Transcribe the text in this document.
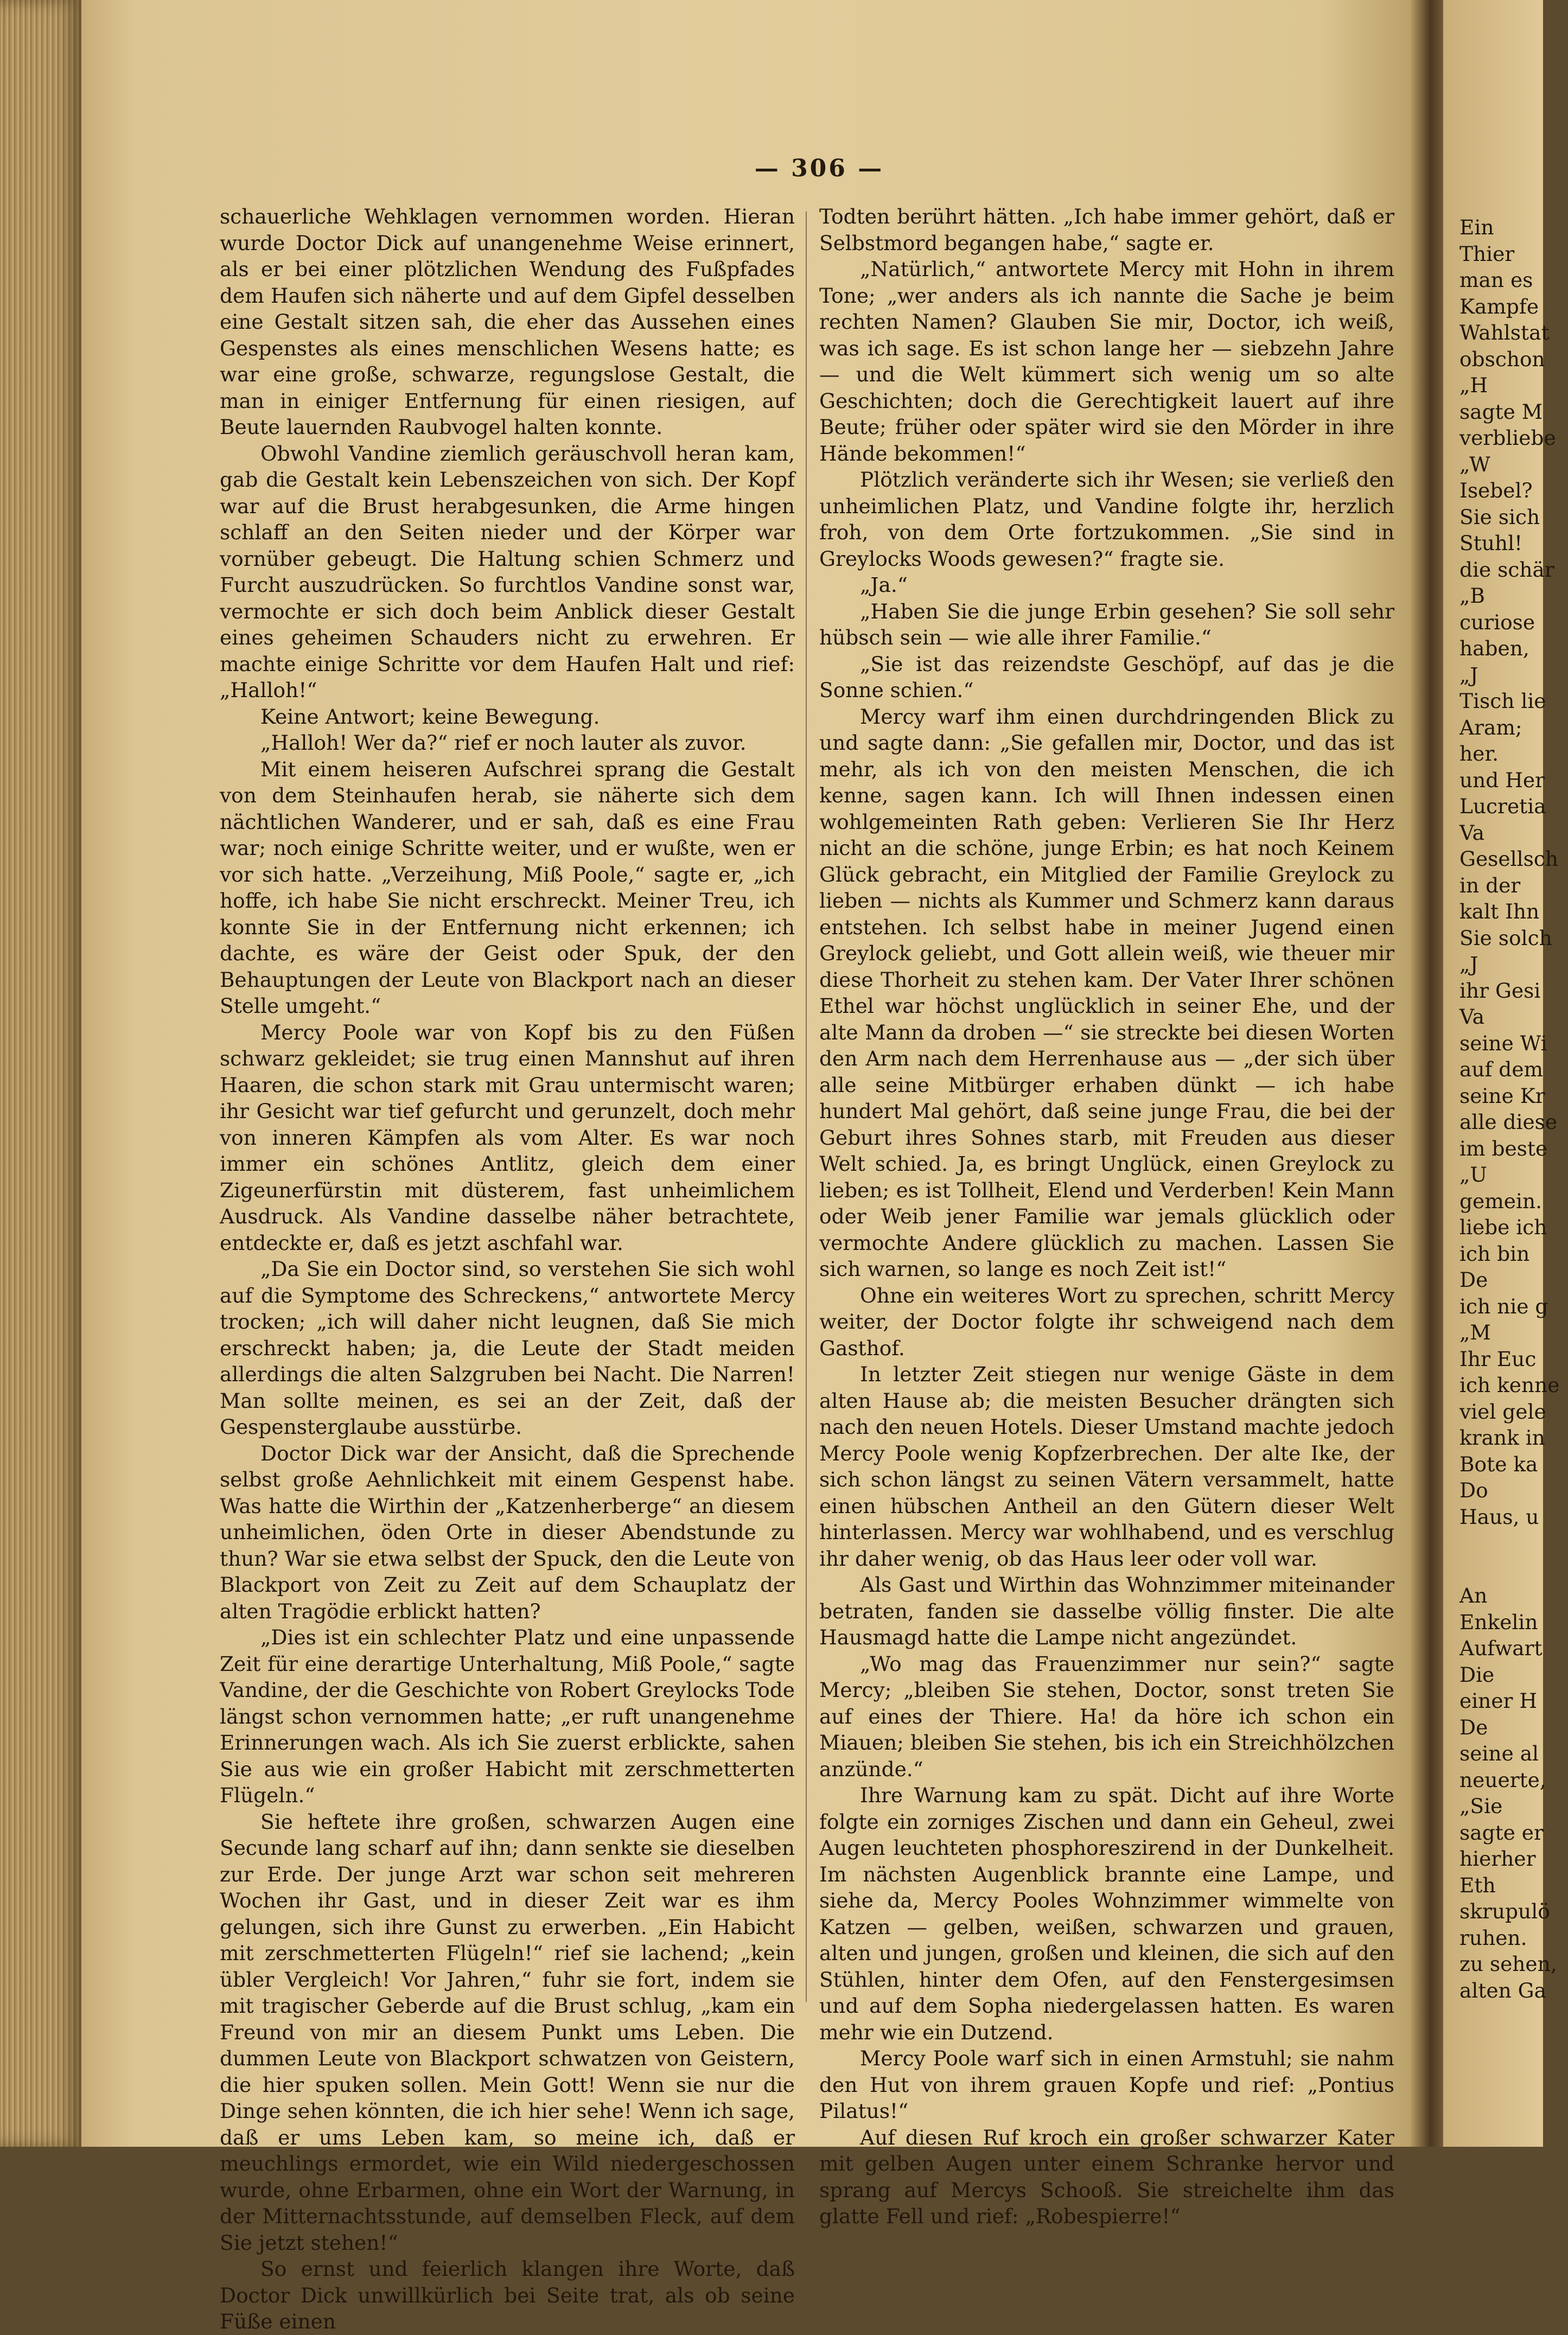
— 306 —

schauerliche Wehklagen vernommen worden. Hieran wurde Doctor Dick auf unangenehme Weise erinnert, als er bei einer plötzlichen Wendung des Fußpfades dem Haufen sich näherte und auf dem Gipfel desselben eine Gestalt sitzen sah, die eher das Aussehen eines Gespenstes als eines menschlichen Wesens hatte; es war eine große, schwarze, regungslose Gestalt, die man in einiger Entfernung für einen riesigen, auf Beute lauernden Raubvogel halten konnte.

Obwohl Vandine ziemlich geräuschvoll heran kam, gab die Gestalt kein Lebenszeichen von sich. Der Kopf war auf die Brust herabgesunken, die Arme hingen schlaff an den Seiten nieder und der Körper war vornüber gebeugt. Die Haltung schien Schmerz und Furcht auszudrücken. So furchtlos Vandine sonst war, vermochte er sich doch beim Anblick dieser Gestalt eines geheimen Schauders nicht zu erwehren. Er machte einige Schritte vor dem Haufen Halt und rief: „Halloh!“

Keine Antwort; keine Bewegung.

„Halloh! Wer da?“ rief er noch lauter als zuvor.

Mit einem heiseren Aufschrei sprang die Gestalt von dem Steinhaufen herab, sie näherte sich dem nächtlichen Wanderer, und er sah, daß es eine Frau war; noch einige Schritte weiter, und er wußte, wen er vor sich hatte. „Verzeihung, Miß Poole,“ sagte er, „ich hoffe, ich habe Sie nicht erschreckt. Meiner Treu, ich konnte Sie in der Entfernung nicht erkennen; ich dachte, es wäre der Geist oder Spuk, der den Behauptungen der Leute von Blackport nach an dieser Stelle umgeht.“

Mercy Poole war von Kopf bis zu den Füßen schwarz gekleidet; sie trug einen Mannshut auf ihren Haaren, die schon stark mit Grau untermischt waren; ihr Gesicht war tief gefurcht und gerunzelt, doch mehr von inneren Kämpfen als vom Alter. Es war noch immer ein schönes Antlitz, gleich dem einer Zigeunerfürstin mit düsterem, fast unheimlichem Ausdruck. Als Vandine dasselbe näher betrachtete, entdeckte er, daß es jetzt aschfahl war.

„Da Sie ein Doctor sind, so verstehen Sie sich wohl auf die Symptome des Schreckens,“ antwortete Mercy trocken; „ich will daher nicht leugnen, daß Sie mich erschreckt haben; ja, die Leute der Stadt meiden allerdings die alten Salzgruben bei Nacht. Die Narren! Man sollte meinen, es sei an der Zeit, daß der Gespensterglaube ausstürbe.

Doctor Dick war der Ansicht, daß die Sprechende selbst große Aehnlichkeit mit einem Gespenst habe. Was hatte die Wirthin der „Katzenherberge“ an diesem unheimlichen, öden Orte in dieser Abendstunde zu thun? War sie etwa selbst der Spuck, den die Leute von Blackport von Zeit zu Zeit auf dem Schauplatz der alten Tragödie erblickt hatten?

„Dies ist ein schlechter Platz und eine unpassende Zeit für eine derartige Unterhaltung, Miß Poole,“ sagte Vandine, der die Geschichte von Robert Greylocks Tode längst schon vernommen hatte; „er ruft unangenehme Erinnerungen wach. Als ich Sie zuerst erblickte, sahen Sie aus wie ein großer Habicht mit zerschmetterten Flügeln.“

Sie heftete ihre großen, schwarzen Augen eine Secunde lang scharf auf ihn; dann senkte sie dieselben zur Erde. Der junge Arzt war schon seit mehreren Wochen ihr Gast, und in dieser Zeit war es ihm gelungen, sich ihre Gunst zu erwerben. „Ein Habicht mit zerschmetterten Flügeln!“ rief sie lachend; „kein übler Vergleich! Vor Jahren,“ fuhr sie fort, indem sie mit tragischer Geberde auf die Brust schlug, „kam ein Freund von mir an diesem Punkt ums Leben. Die dummen Leute von Blackport schwatzen von Geistern, die hier spuken sollen. Mein Gott! Wenn sie nur die Dinge sehen könnten, die ich hier sehe! Wenn ich sage, daß er ums Leben kam, so meine ich, daß er meuchlings ermordet, wie ein Wild niedergeschossen wurde, ohne Erbarmen, ohne ein Wort der Warnung, in der Mitternachtsstunde, auf demselben Fleck, auf dem Sie jetzt stehen!“

So ernst und feierlich klangen ihre Worte, daß Doctor Dick unwillkürlich bei Seite trat, als ob seine Füße einen

Todten berührt hätten. „Ich habe immer gehört, daß er Selbstmord begangen habe,“ sagte er.

„Natürlich,“ antwortete Mercy mit Hohn in ihrem Tone; „wer anders als ich nannte die Sache je beim rechten Namen? Glauben Sie mir, Doctor, ich weiß, was ich sage. Es ist schon lange her — siebzehn Jahre — und die Welt kümmert sich wenig um so alte Geschichten; doch die Gerechtigkeit lauert auf ihre Beute; früher oder später wird sie den Mörder in ihre Hände bekommen!“

Plötzlich veränderte sich ihr Wesen; sie verließ den unheimlichen Platz, und Vandine folgte ihr, herzlich froh, von dem Orte fortzukommen. „Sie sind in Greylocks Woods gewesen?“ fragte sie.

„Ja.“

„Haben Sie die junge Erbin gesehen? Sie soll sehr hübsch sein — wie alle ihrer Familie.“

„Sie ist das reizendste Geschöpf, auf das je die Sonne schien.“

Mercy warf ihm einen durchdringenden Blick zu und sagte dann: „Sie gefallen mir, Doctor, und das ist mehr, als ich von den meisten Menschen, die ich kenne, sagen kann. Ich will Ihnen indessen einen wohlgemeinten Rath geben: Verlieren Sie Ihr Herz nicht an die schöne, junge Erbin; es hat noch Keinem Glück gebracht, ein Mitglied der Familie Greylock zu lieben — nichts als Kummer und Schmerz kann daraus entstehen. Ich selbst habe in meiner Jugend einen Greylock geliebt, und Gott allein weiß, wie theuer mir diese Thorheit zu stehen kam. Der Vater Ihrer schönen Ethel war höchst unglücklich in seiner Ehe, und der alte Mann da droben —“ sie streckte bei diesen Worten den Arm nach dem Herrenhause aus — „der sich über alle seine Mitbürger erhaben dünkt — ich habe hundert Mal gehört, daß seine junge Frau, die bei der Geburt ihres Sohnes starb, mit Freuden aus dieser Welt schied. Ja, es bringt Unglück, einen Greylock zu lieben; es ist Tollheit, Elend und Verderben! Kein Mann oder Weib jener Familie war jemals glücklich oder vermochte Andere glücklich zu machen. Lassen Sie sich warnen, so lange es noch Zeit ist!“

Ohne ein weiteres Wort zu sprechen, schritt Mercy weiter, der Doctor folgte ihr schweigend nach dem Gasthof.

In letzter Zeit stiegen nur wenige Gäste in dem alten Hause ab; die meisten Besucher drängten sich nach den neuen Hotels. Dieser Umstand machte jedoch Mercy Poole wenig Kopfzerbrechen. Der alte Ike, der sich schon längst zu seinen Vätern versammelt, hatte einen hübschen Antheil an den Gütern dieser Welt hinterlassen. Mercy war wohlhabend, und es verschlug ihr daher wenig, ob das Haus leer oder voll war.

Als Gast und Wirthin das Wohnzimmer miteinander betraten, fanden sie dasselbe völlig finster. Die alte Hausmagd hatte die Lampe nicht angezündet.

„Wo mag das Frauenzimmer nur sein?“ sagte Mercy; „bleiben Sie stehen, Doctor, sonst treten Sie auf eines der Thiere. Ha! da höre ich schon ein Miauen; bleiben Sie stehen, bis ich ein Streichhölzchen anzünde.“

Ihre Warnung kam zu spät. Dicht auf ihre Worte folgte ein zorniges Zischen und dann ein Geheul, zwei Augen leuchteten phosphoreszirend in der Dunkelheit. Im nächsten Augenblick brannte eine Lampe, und siehe da, Mercy Pooles Wohnzimmer wimmelte von Katzen — gelben, weißen, schwarzen und grauen, alten und jungen, großen und kleinen, die sich auf den Stühlen, hinter dem Ofen, auf den Fenstergesimsen und auf dem Sopha niedergelassen hatten. Es waren mehr wie ein Dutzend.

Mercy Poole warf sich in einen Armstuhl; sie nahm den Hut von ihrem grauen Kopfe und rief: „Pontius Pilatus!“

Auf diesen Ruf kroch ein großer schwarzer Kater mit gelben Augen unter einem Schranke hervor und sprang auf Mercys Schooß. Sie streichelte ihm das glatte Fell und rief: „Robespierre!“

Ein
Thier
man es
Kampfe
Wahlstat
obschon
„H
sagte M
verbliebe
„W
Isebel?
Sie sich
Stuhl!
die schär
„B
curiose
haben,
„J
Tisch lie
Aram;
her.
und Her
Lucretia
Va
Gesellsch
in der
kalt Ihn
Sie solch
„J
ihr Gesi
Va
seine Wi
auf dem
seine Kr
alle diese
im beste
„U
gemein.
liebe ich
ich bin
De
ich nie g
„M
Ihr Euc
ich kenne
viel gele
krank in
Bote ka
Do
Haus, u
An
Enkelin
Aufwart
Die
einer H
De
seine al
neuerte,
„Sie
sagte er
hierher
Eth
skrupulö
ruhen.
zu sehen,
alten Ga
